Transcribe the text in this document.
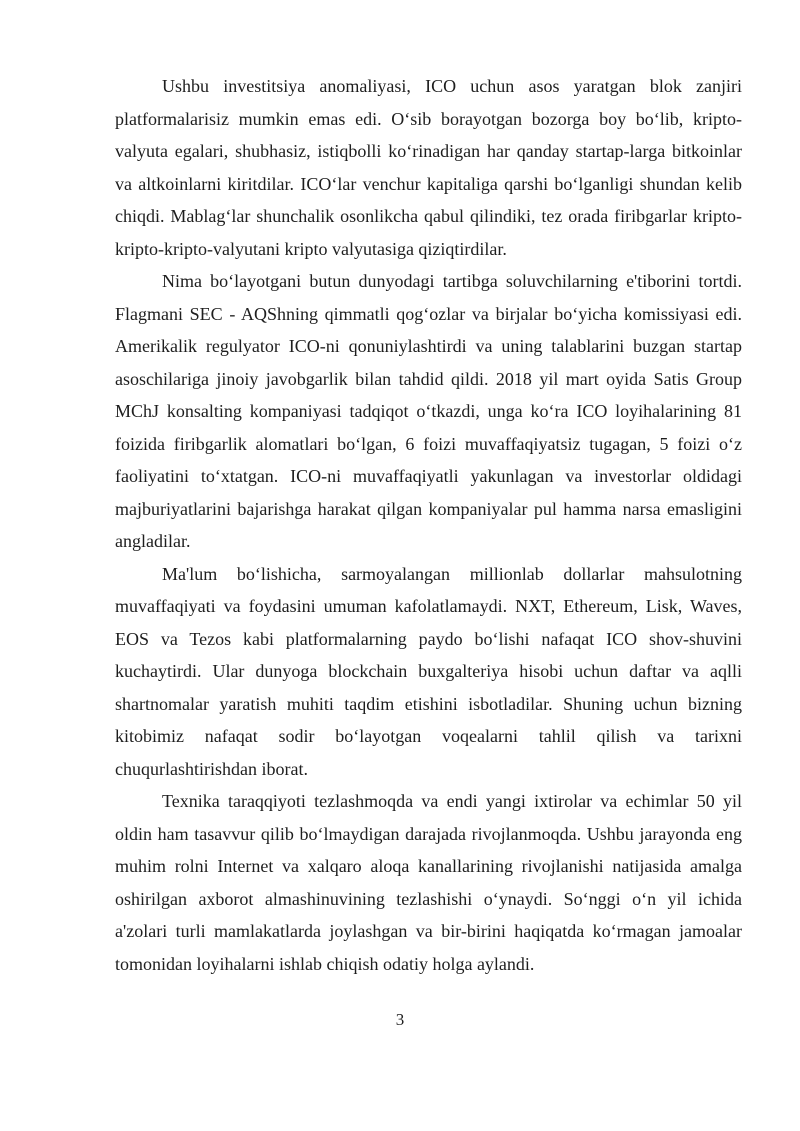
Ushbu investitsiya anomaliyasi, ICO uchun asos yaratgan blok zanjiri platformalarisiz mumkin emas edi. O‘sib borayotgan bozorga boy bo‘lib, kripto-valyuta egalari, shubhasiz, istiqbolli ko‘rinadigan har qanday startap-larga bitkoinlar va altkoinlarni kiritdilar. ICO‘lar venchur kapitaliga qarshi bo‘lganligi shundan kelib chiqdi. Mablag‘lar shunchalik osonlikcha qabul qilindiki, tez orada firibgarlar kripto-kripto-kripto-valyutani kripto valyutasiga qiziqtirdilar.

Nima bo‘layotgani butun dunyodagi tartibga soluvchilarning e'tiborini tortdi. Flagmani SEC - AQShning qimmatli qog‘ozlar va birjalar bo‘yicha komissiyasi edi. Amerikalik regulyator ICO-ni qonuniylashtirdi va uning talablarini buzgan startap asoschilariga jinoiy javobgarlik bilan tahdid qildi. 2018 yil mart oyida Satis Group MChJ konsalting kompaniyasi tadqiqot o‘tkazdi, unga ko‘ra ICO loyihalarining 81 foizida firibgarlik alomatlari bo‘lgan, 6 foizi muvaffaqiyatsiz tugagan, 5 foizi o‘z faoliyatini to‘xtatgan. ICO-ni muvaffaqiyatli yakunlagan va investorlar oldidagi majburiyatlarini bajarishga harakat qilgan kompaniyalar pul hamma narsa emasligini angladilar.

Ma'lum bo‘lishicha, sarmoyalangan millionlab dollarlar mahsulotning muvaffaqiyati va foydasini umuman kafolatlamaydi. NXT, Ethereum, Lisk, Waves, EOS va Tezos kabi platformalarning paydo bo‘lishi nafaqat ICO shov-shuvini kuchaytirdi. Ular dunyoga blockchain buxgalteriya hisobi uchun daftar va aqlli shartnomalar yaratish muhiti taqdim etishini isbotladilar. Shuning uchun bizning kitobimiz nafaqat sodir bo‘layotgan voqealarni tahlil qilish va tarixni chuqurlashtirishdan iborat.

Texnika taraqqiyoti tezlashmoqda va endi yangi ixtirolar va echimlar 50 yil oldin ham tasavvur qilib bo‘lmaydigan darajada rivojlanmoqda. Ushbu jarayonda eng muhim rolni Internet va xalqaro aloqa kanallarining rivojlanishi natijasida amalga oshirilgan axborot almashinuvining tezlashishi o‘ynaydi. So‘nggi o‘n yil ichida a'zolari turli mamlakatlarda joylashgan va bir-birini haqiqatda ko‘rmagan jamoalar tomonidan loyihalarni ishlab chiqish odatiy holga aylandi.

3
